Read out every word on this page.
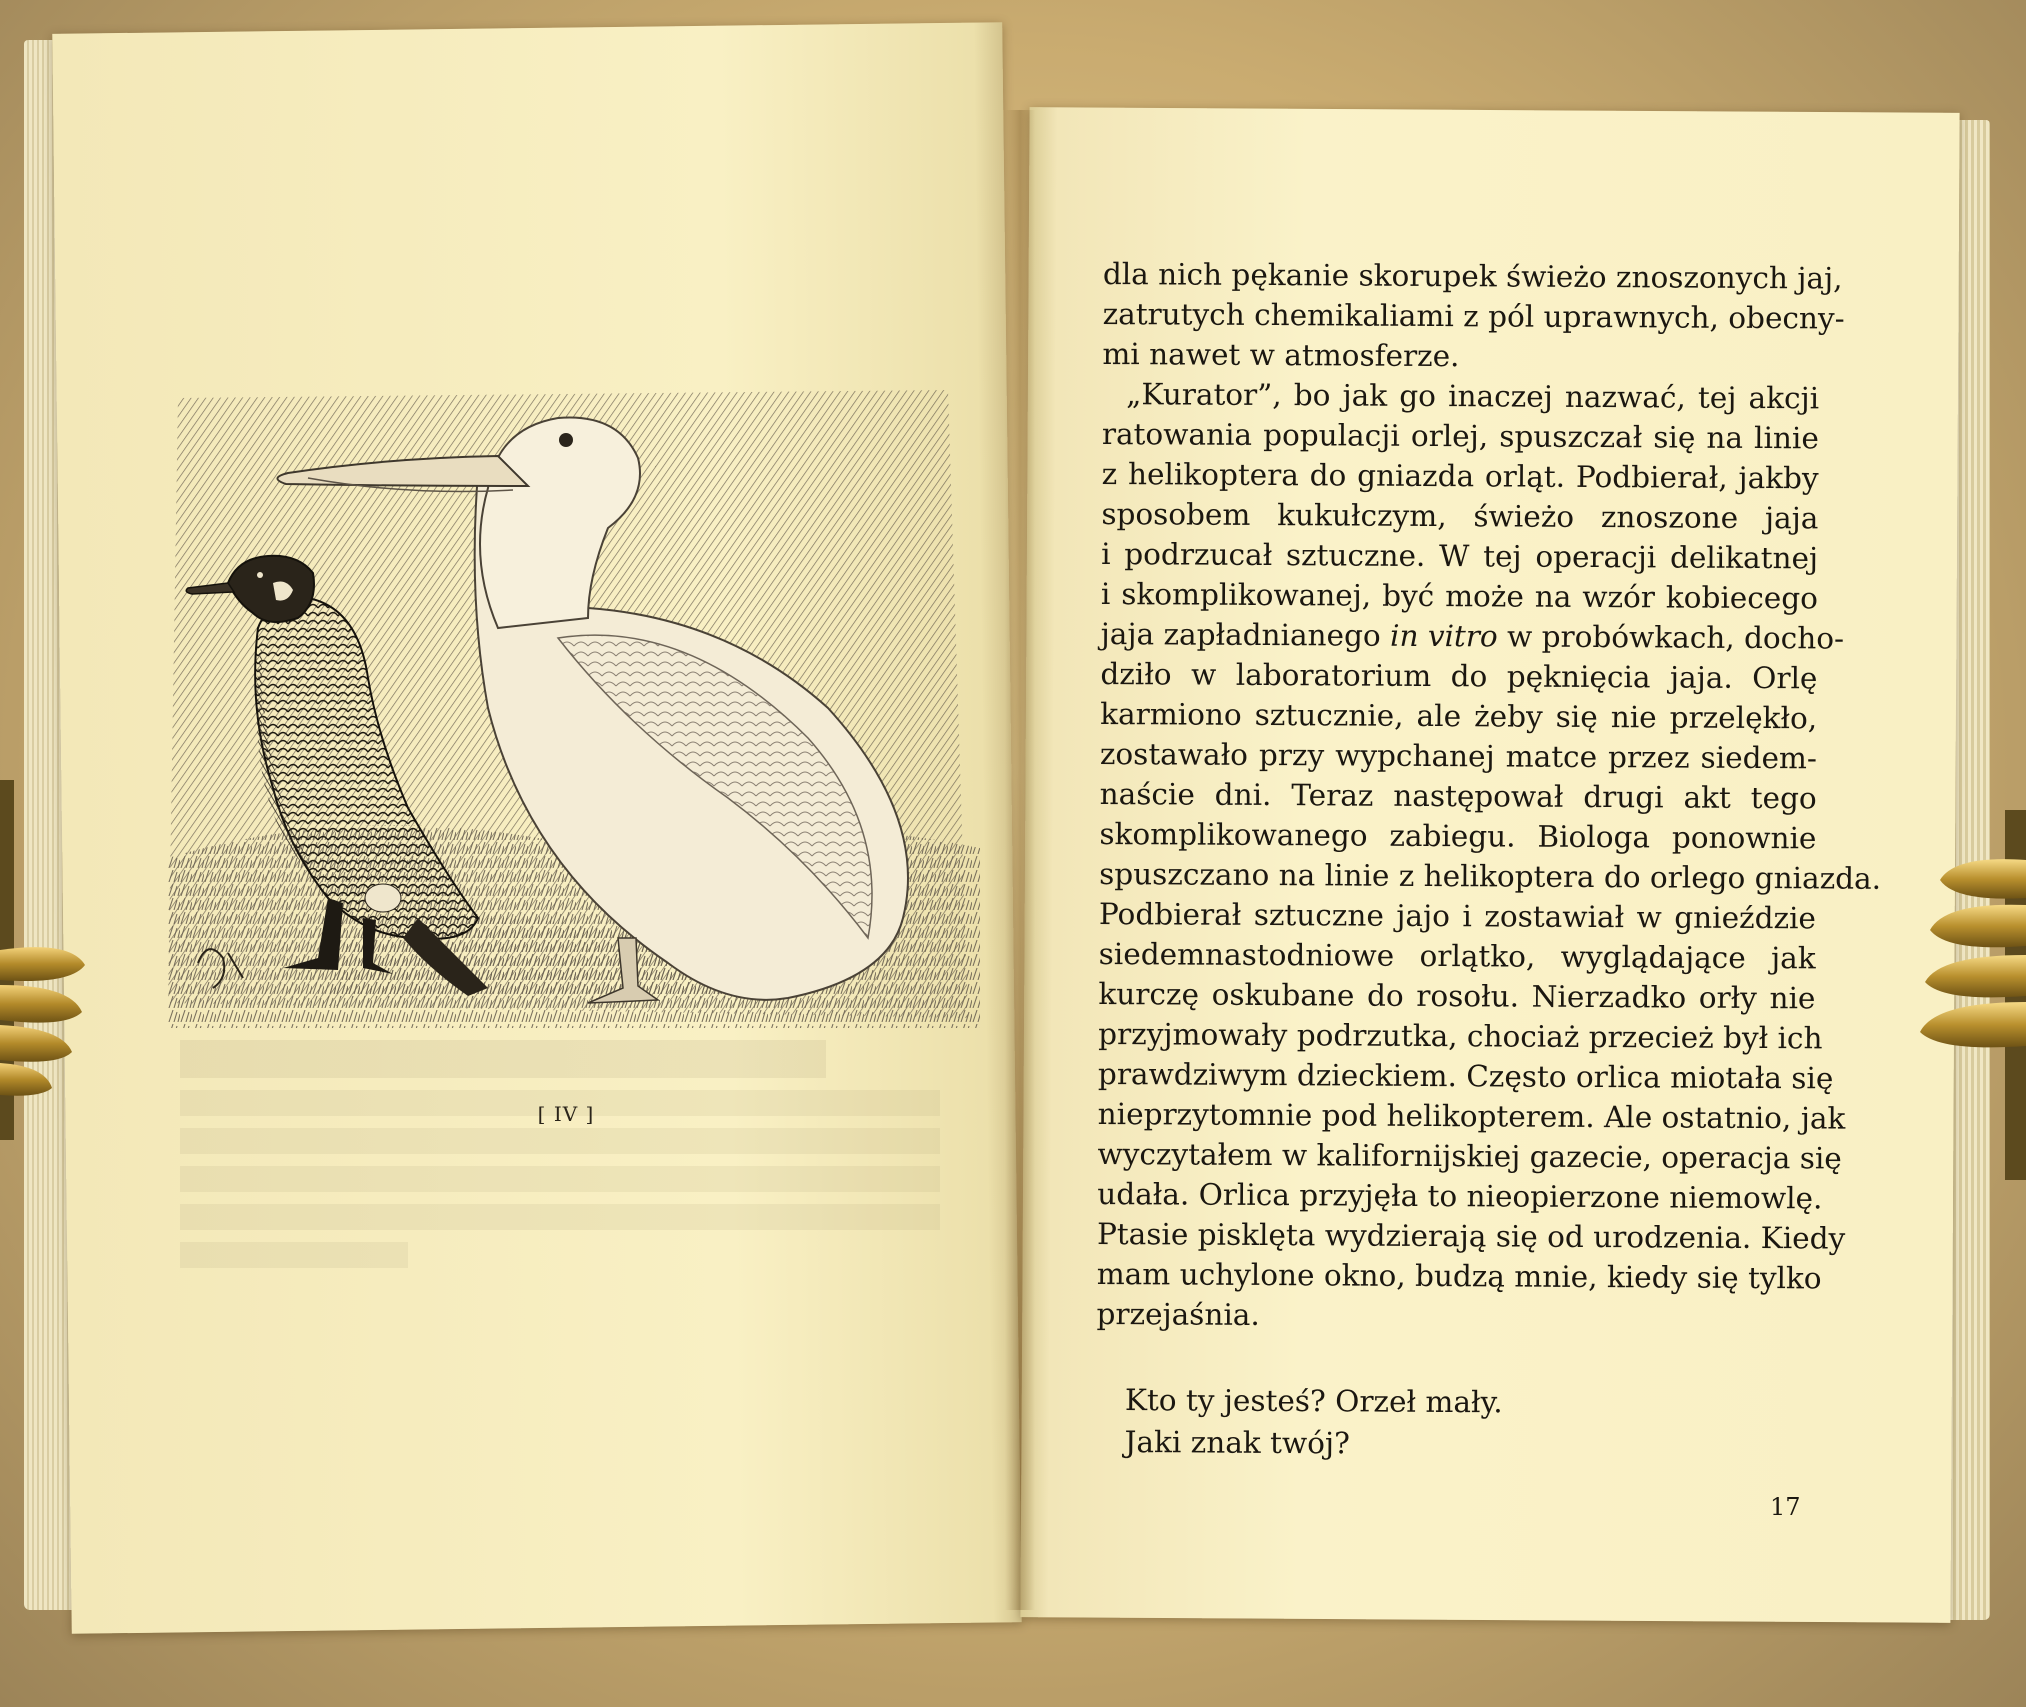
[ IV ]
dla nich pękanie skorupek świeżo znoszonych jaj,
zatrutych chemikaliami z pól uprawnych, obecny-
mi nawet w atmosferze.
„Kurator”, bo jak go inaczej nazwać, tej akcji
ratowania populacji orlej, spuszczał się na linie
z helikoptera do gniazda orląt. Podbierał, jakby
sposobem kukułczym, świeżo znoszone jaja
i podrzucał sztuczne. W tej operacji delikatnej
i skomplikowanej, być może na wzór kobiecego
jaja zapładnianego in vitro w probówkach, docho-
dziło w laboratorium do pęknięcia jaja. Orlę
karmiono sztucznie, ale żeby się nie przelękło,
zostawało przy wypchanej matce przez siedem-
naście dni. Teraz następował drugi akt tego
skomplikowanego zabiegu. Biologa ponownie
spuszczano na linie z helikoptera do orlego gniazda.
Podbierał sztuczne jajo i zostawiał w gnieździe
siedemnastodniowe orlątko, wyglądające jak
kurczę oskubane do rosołu. Nierzadko orły nie
przyjmowały podrzutka, chociaż przecież był ich
prawdziwym dzieckiem. Często orlica miotała się
nieprzytomnie pod helikopterem. Ale ostatnio, jak
wyczytałem w kalifornijskiej gazecie, operacja się
udała. Orlica przyjęła to nieopierzone niemowlę.
Ptasie pisklęta wydzierają się od urodzenia. Kiedy
mam uchylone okno, budzą mnie, kiedy się tylko
przejaśnia.
Kto ty jesteś? Orzeł mały.
Jaki znak twój?
17
